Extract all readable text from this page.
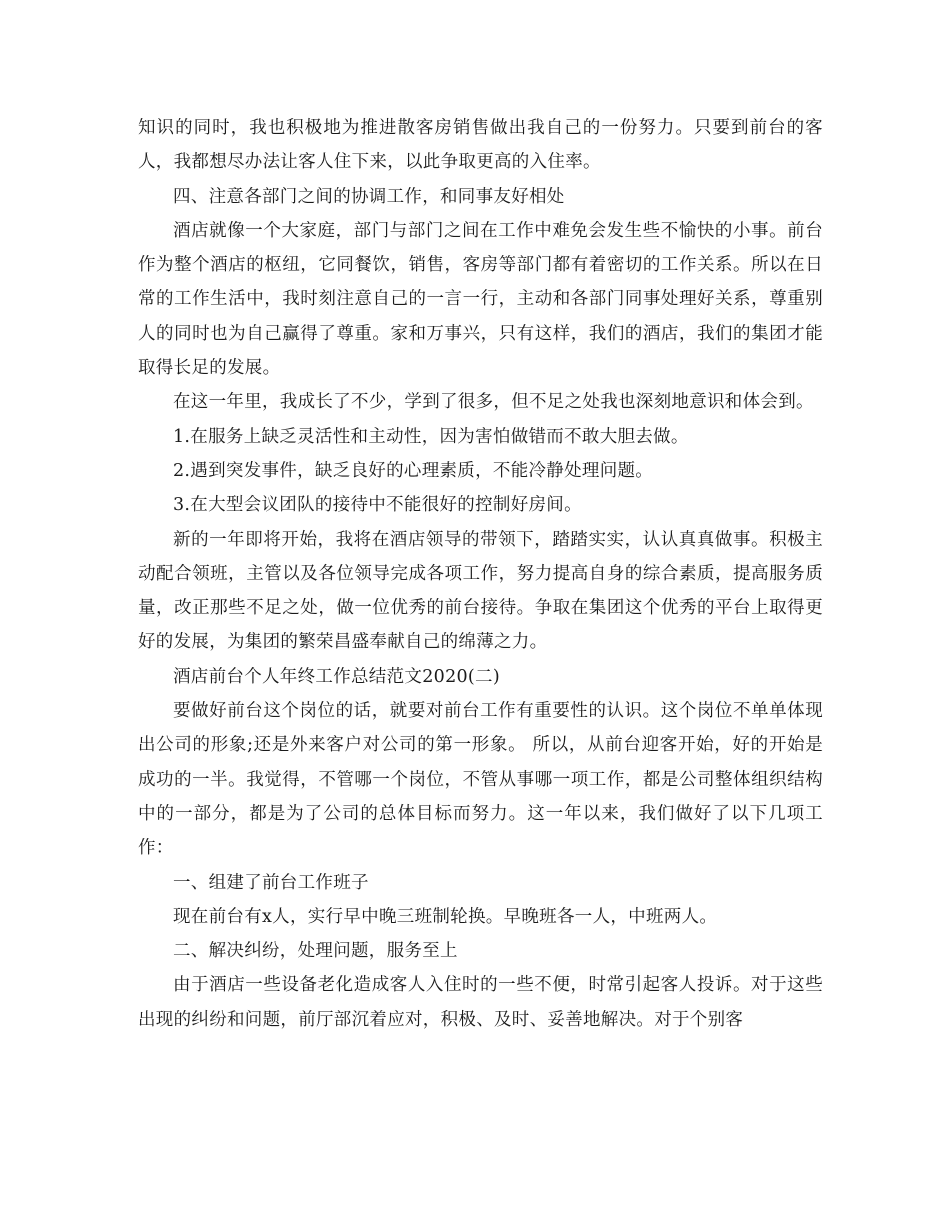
知识的同时，我也积极地为推进散客房销售做出我自己的一份努力。只要到前台的客人，我都想尽办法让客人住下来，以此争取更高的入住率。

四、注意各部门之间的协调工作，和同事友好相处

酒店就像一个大家庭，部门与部门之间在工作中难免会发生些不愉快的小事。前台作为整个酒店的枢纽，它同餐饮，销售，客房等部门都有着密切的工作关系。所以在日常的工作生活中，我时刻注意自己的一言一行，主动和各部门同事处理好关系，尊重别人的同时也为自己赢得了尊重。家和万事兴，只有这样，我们的酒店，我们的集团才能取得长足的发展。

在这一年里，我成长了不少，学到了很多，但不足之处我也深刻地意识和体会到。

1.在服务上缺乏灵活性和主动性，因为害怕做错而不敢大胆去做。

2.遇到突发事件，缺乏良好的心理素质，不能冷静处理问题。

3.在大型会议团队的接待中不能很好的控制好房间。

新的一年即将开始，我将在酒店领导的带领下，踏踏实实，认认真真做事。积极主动配合领班，主管以及各位领导完成各项工作，努力提高自身的综合素质，提高服务质量，改正那些不足之处，做一位优秀的前台接待。争取在集团这个优秀的平台上取得更好的发展，为集团的繁荣昌盛奉献自己的绵薄之力。

酒店前台个人年终工作总结范文2020(二)

要做好前台这个岗位的话，就要对前台工作有重要性的认识。这个岗位不单单体现出公司的形象;还是外来客户对公司的第一形象。 所以，从前台迎客开始，好的开始是成功的一半。我觉得，不管哪一个岗位，不管从事哪一项工作，都是公司整体组织结构中的一部分，都是为了公司的总体目标而努力。这一年以来，我们做好了以下几项工作：

一、组建了前台工作班子

现在前台有x人，实行早中晚三班制轮换。早晚班各一人，中班两人。

二、解决纠纷，处理问题，服务至上

由于酒店一些设备老化造成客人入住时的一些不便，时常引起客人投诉。对于这些出现的纠纷和问题，前厅部沉着应对，积极、及时、妥善地解决。对于个别客
